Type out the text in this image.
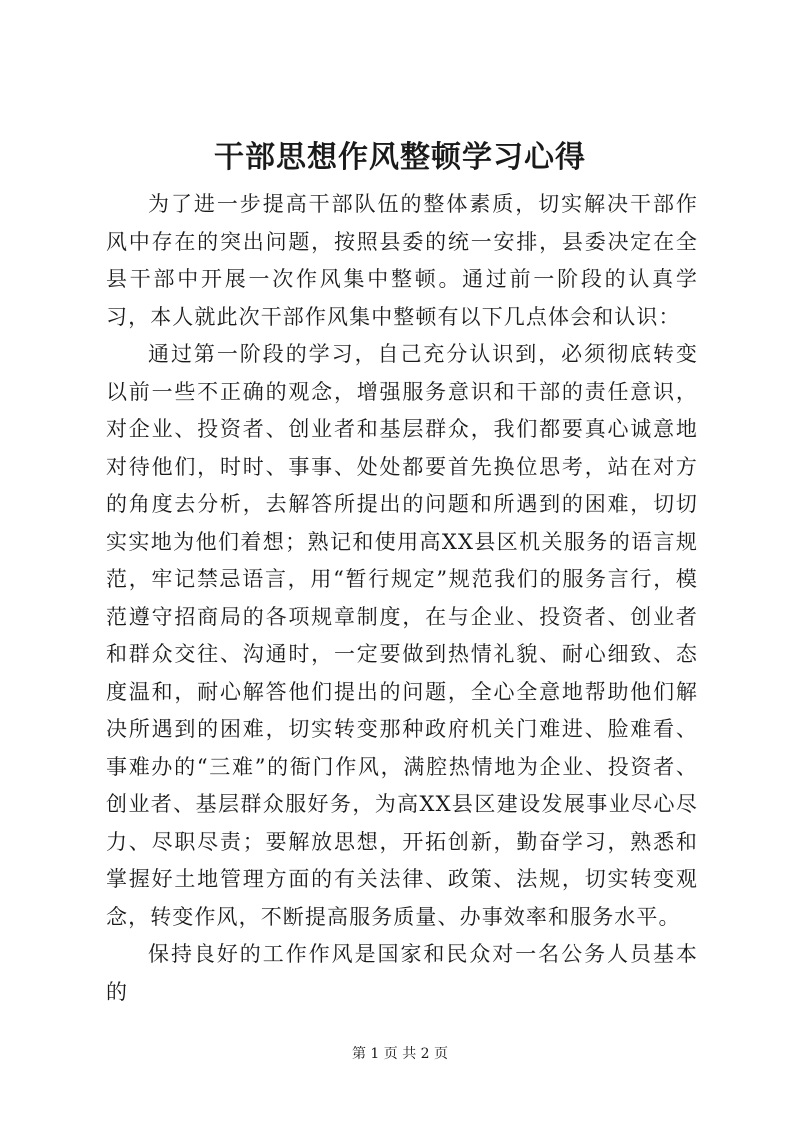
干部思想作风整顿学习心得

为了进一步提高干部队伍的整体素质，切实解决干部作风中存在的突出问题，按照县委的统一安排，县委决定在全县干部中开展一次作风集中整顿。通过前一阶段的认真学习，本人就此次干部作风集中整顿有以下几点体会和认识：

通过第一阶段的学习，自己充分认识到，必须彻底转变以前一些不正确的观念，增强服务意识和干部的责任意识，对企业、投资者、创业者和基层群众，我们都要真心诚意地对待他们，时时、事事、处处都要首先换位思考，站在对方的角度去分析，去解答所提出的问题和所遇到的困难，切切实实地为他们着想；熟记和使用高XX县区机关服务的语言规范，牢记禁忌语言，用“暂行规定”规范我们的服务言行，模范遵守招商局的各项规章制度，在与企业、投资者、创业者和群众交往、沟通时，一定要做到热情礼貌、耐心细致、态度温和，耐心解答他们提出的问题，全心全意地帮助他们解决所遇到的困难，切实转变那种政府机关门难进、脸难看、事难办的“三难”的衙门作风，满腔热情地为企业、投资者、创业者、基层群众服好务，为高XX县区建设发展事业尽心尽力、尽职尽责；要解放思想，开拓创新，勤奋学习，熟悉和掌握好土地管理方面的有关法律、政策、法规，切实转变观念，转变作风，不断提高服务质量、办事效率和服务水平。

保持良好的工作作风是国家和民众对一名公务人员基本的

第 1 页 共 2 页
